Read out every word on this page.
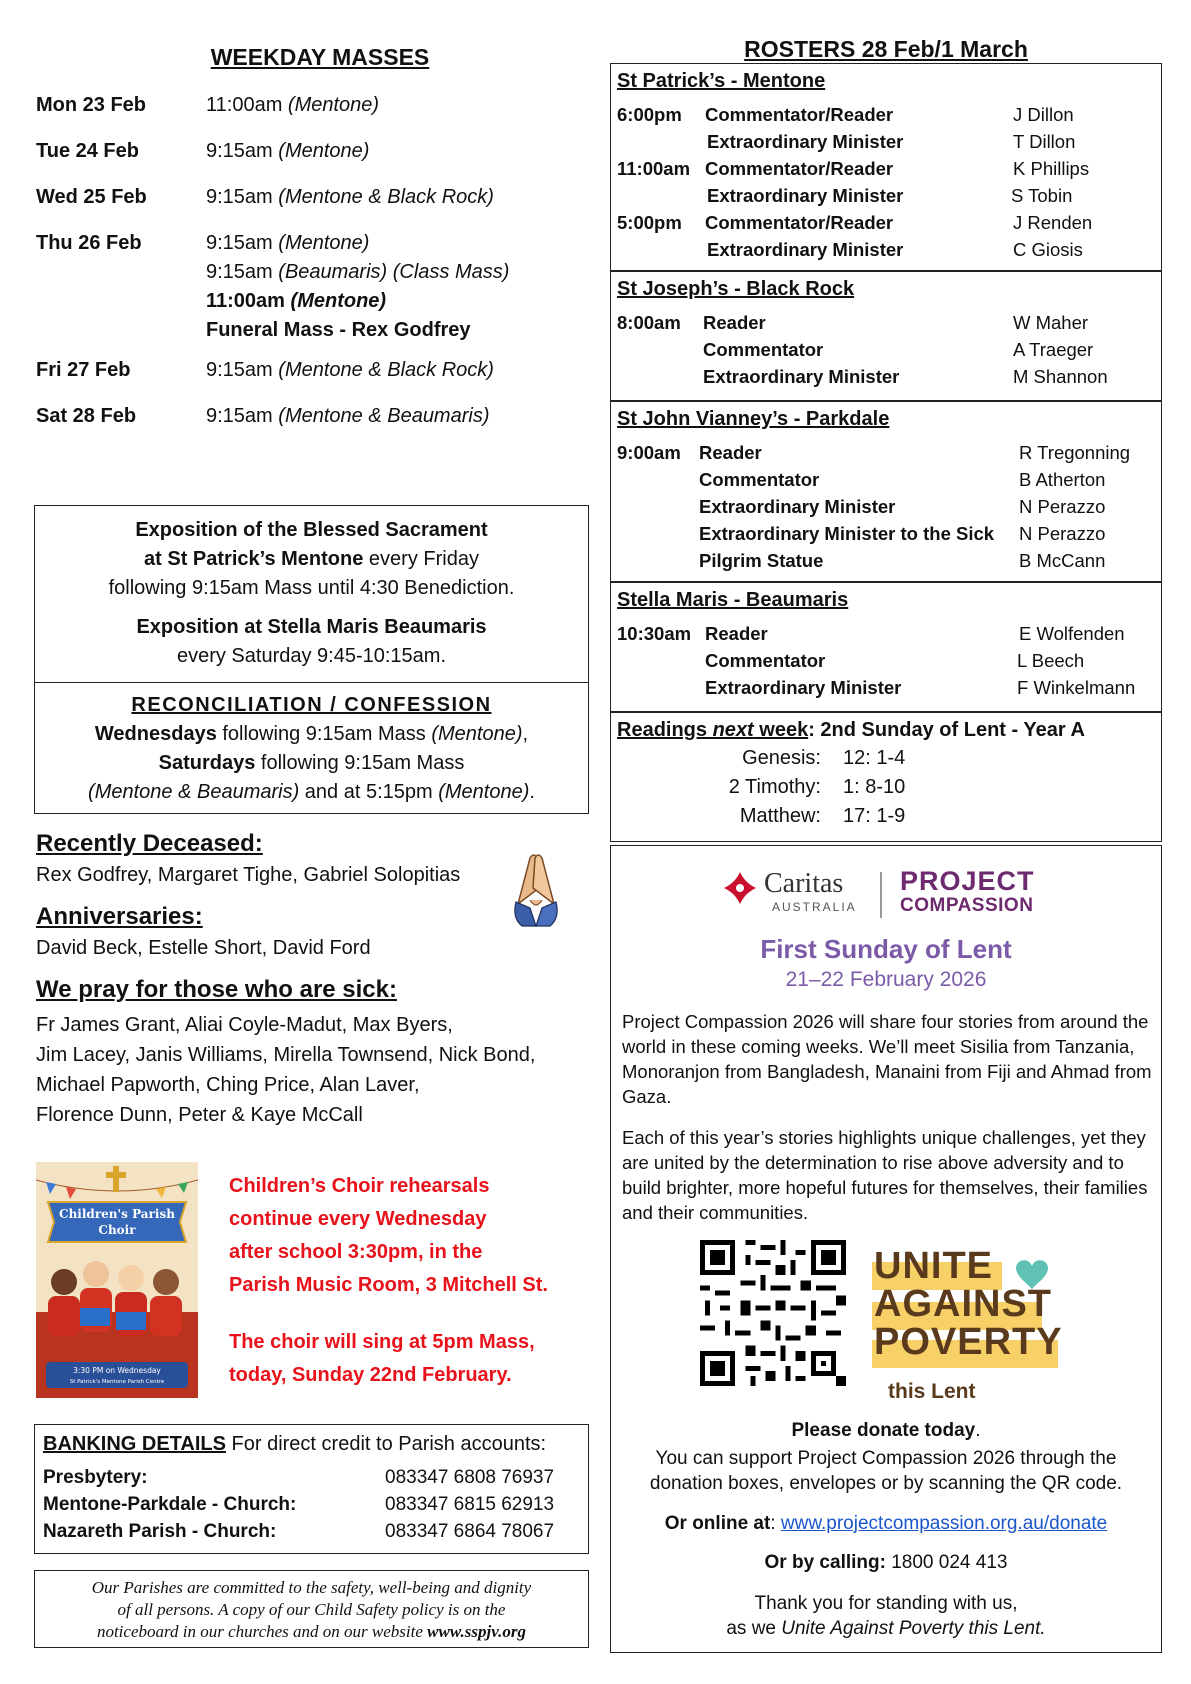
WEEKDAY MASSES
Mon 23 Feb	11:00am (Mentone)
Tue 24 Feb	9:15am (Mentone)
Wed 25 Feb	9:15am (Mentone & Black Rock)
Thu 26 Feb	9:15am (Mentone)
9:15am (Beaumaris) (Class Mass)
11:00am (Mentone)
Funeral Mass - Rex Godfrey
Fri 27 Feb	9:15am (Mentone & Black Rock)
Sat 28 Feb	9:15am (Mentone & Beaumaris)
Exposition of the Blessed Sacrament
at St Patrick’s Mentone every Friday
following 9:15am Mass until 4:30 Benediction.
Exposition at Stella Maris Beaumaris
every Saturday 9:45-10:15am.
RECONCILIATION / CONFESSION
Wednesdays following 9:15am Mass (Mentone),
Saturdays following 9:15am Mass
(Mentone & Beaumaris) and at 5:15pm (Mentone).
Recently Deceased:
Rex Godfrey, Margaret Tighe, Gabriel Solopitias
Anniversaries:
David Beck, Estelle Short, David Ford
We pray for those who are sick:
Fr James Grant, Aliai Coyle-Madut, Max Byers,
Jim Lacey, Janis Williams, Mirella Townsend, Nick Bond,
Michael Papworth, Ching Price, Alan Laver,
Florence Dunn, Peter & Kaye McCall
Children's Parish
Choir
3:30 PM on Wednesday
St Patrick's Mentone Parish Centre
Children’s Choir rehearsals
continue every Wednesday
after school 3:30pm, in the
Parish Music Room, 3 Mitchell St.
The choir will sing at 5pm Mass,
today, Sunday 22nd February.
BANKING DETAILS For direct credit to Parish accounts:
Presbytery:	083347 6808 76937
Mentone-Parkdale - Church:	083347 6815 62913
Nazareth Parish - Church:	083347 6864 78067
Our Parishes are committed to the safety, well-being and dignity
of all persons. A copy of our Child Safety policy is on the
noticeboard in our churches and on our website www.sspjv.org
ROSTERS 28 Feb/1 March
St Patrick’s - Mentone
6:00pm Commentator/Reader	J Dillon
Extraordinary Minister	T Dillon
11:00am Commentator/Reader	K Phillips
Extraordinary Minister	S Tobin
5:00pm Commentator/Reader	J Renden
Extraordinary Minister	C Giosis
St Joseph’s - Black Rock
8:00am Reader	W Maher
Commentator	A Traeger
Extraordinary Minister	M Shannon
St John Vianney’s - Parkdale
9:00am Reader	R Tregonning
Commentator	B Atherton
Extraordinary Minister	N Perazzo
Extraordinary Minister to the Sick N Perazzo
Pilgrim Statue	B McCann
Stella Maris - Beaumaris
10:30am Reader	E Wolfenden
Commentator	L Beech
Extraordinary Minister	F Winkelmann
Readings next week: 2nd Sunday of Lent - Year A
Genesis: 12: 1-4
2 Timothy: 1: 8-10
Matthew: 17: 1-9
Caritas
AUSTRALIA
PROJECT
COMPASSION
First Sunday of Lent
21–22 February 2026
Project Compassion 2026 will share four stories from around the world in these coming weeks. We’ll meet Sisilia from Tanzania, Monoranjon from Bangladesh, Manaini from Fiji and Ahmad from Gaza.
Each of this year’s stories highlights unique challenges, yet they are united by the determination to rise above adversity and to build brighter, more hopeful futures for themselves, their families and their communities.
UNITE
AGAINST
POVERTY
this Lent
Please donate today.
You can support Project Compassion 2026 through the donation boxes, envelopes or by scanning the QR code.
Or online at: www.projectcompassion.org.au/donate
Or by calling: 1800 024 413
Thank you for standing with us,
as we Unite Against Poverty this Lent.
